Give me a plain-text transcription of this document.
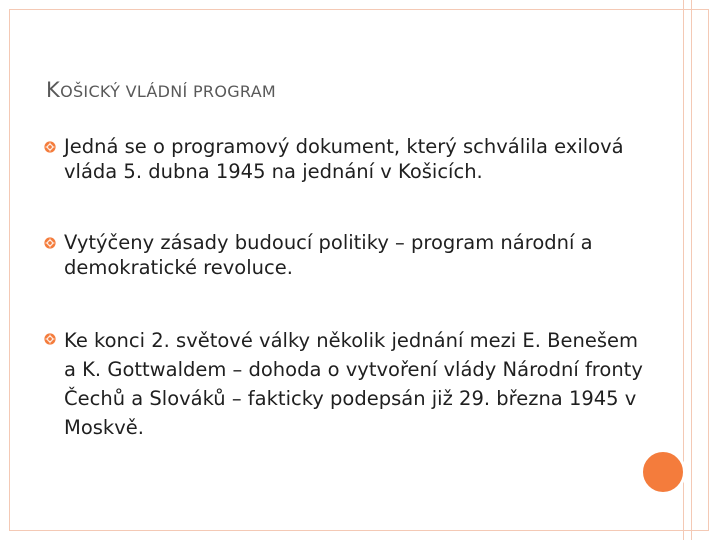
KOŠICKÝ VLÁDNÍ PROGRAM
Jedná se o programový dokument, který schválila exilová vláda 5. dubna 1945 na jednání v Košicích.
Vytýčeny zásady budoucí politiky – program národní a demokratické revoluce.
Ke konci 2. světové války několik jednání mezi E. Benešem a K. Gottwaldem – dohoda o vytvoření vlády Národní fronty Čechů a Slováků – fakticky podepsán již 29. března 1945 v Moskvě.
